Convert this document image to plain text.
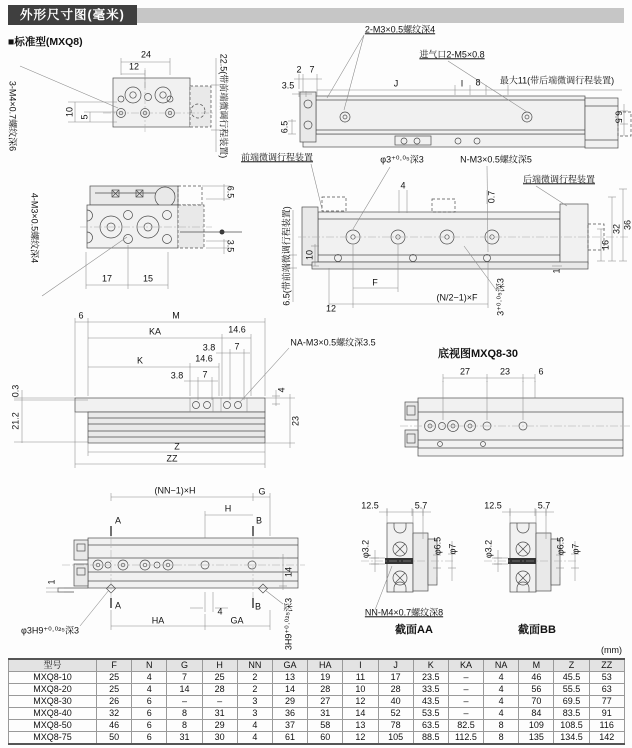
外形尺寸图(毫米)
■标准型(MXQ8)
24
12
10 5
3-M4×0.7螺纹深6	22.5(带前端微调行程装置)
2-M3×0.5螺纹深4
进气口2-M5×0.8
2 7
3.5	J	I 8 最大11(带后端微调行程装置)
6.5
6.5
4-M3×0.5螺纹深4
17	15
6.5
3.5
前端微调行程装置	φ3⁺⁰·⁰⁵深3	N-M3×0.5螺纹深5
后端微调行程装置
4
0.7
10
6.5(带前端微调行程装置)	16
32 36
1
12
F
(N/2−1)×F 3⁺⁰·⁰⁵深3
6	M
KA	14.6
3.8 7
K	14.6
3.8 7
0.3
21.2
4
23
Z
ZZ
NA-M3×0.5螺纹深3.5
底视图MXQ8-30
27	23	6
(NN−1)×H	G
H
A	B
A	B
1
14
4
HA	GA
φ3H9⁺⁰·⁰²⁵深3	3H9⁺⁰·⁰²⁵深3
12.5	5.7
φ3.2	φ6.5 φ7
NN-M4×0.7螺纹深8
截面AA
12.5	5.7
φ3.2	φ6.5 φ7
截面BB
(mm)
型号	F	N	G	H	NN	GA	HA	I	J	K	KA	NA	M	Z	ZZ
MXQ8-10	25	4	7	25	2	13	19	11	17	23.5	–	4	46	45.5	53
MXQ8-20	25	4	14	28	2	14	28	10	28	33.5	–	4	56	55.5	63
MXQ8-30	26	6	–	–	3	29	27	12	40	43.5	–	4	70	69.5	77
MXQ8-40	32	6	8	31	3	36	31	14	52	53.5	–	4	84	83.5	91
MXQ8-50	46	6	8	29	4	37	58	13	78	63.5	82.5	8	109	108.5	116
MXQ8-75	50	6	31	30	4	61	60	12	105	88.5	112.5	8	135	134.5	142
